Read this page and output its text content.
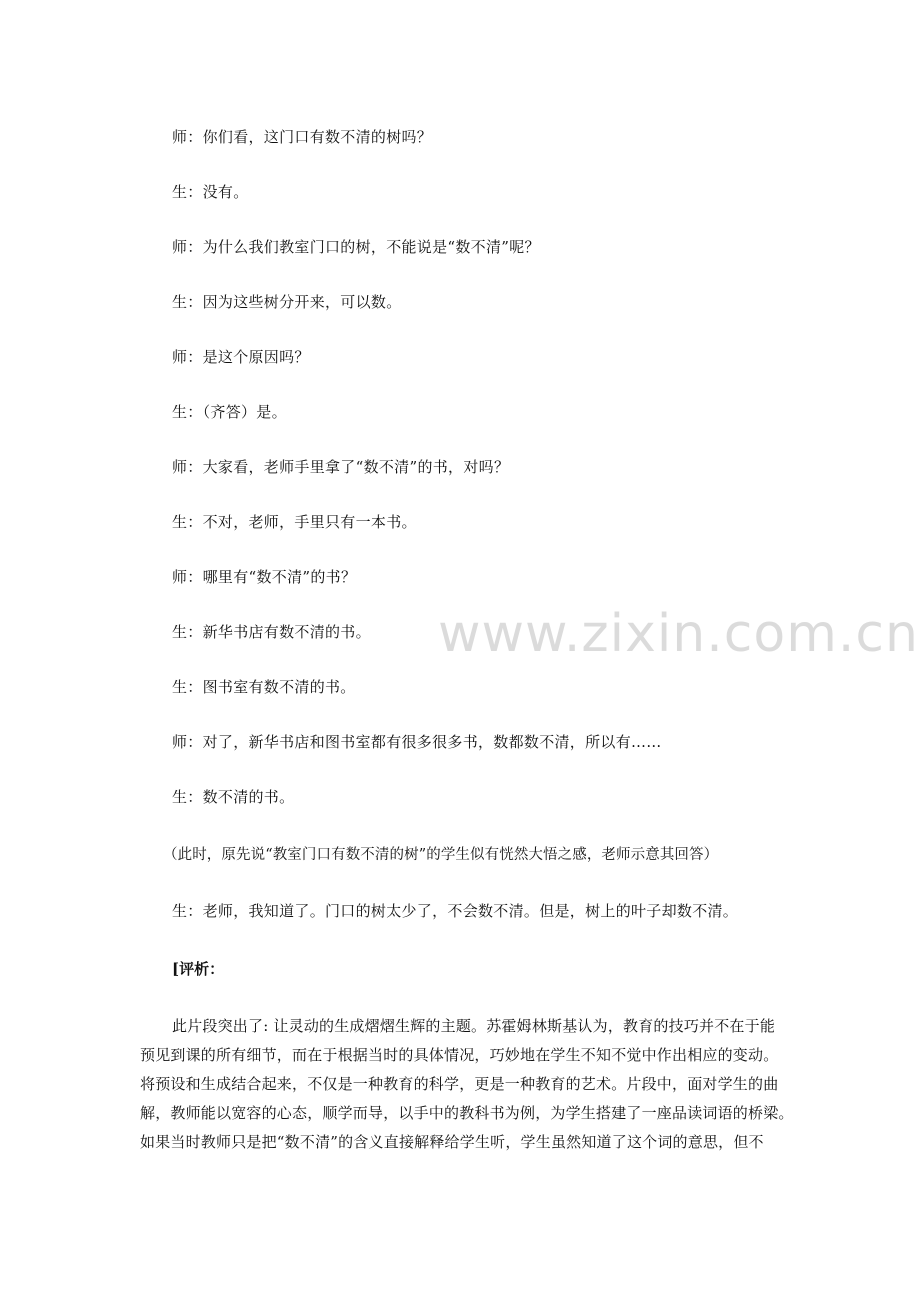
师：你们看，这门口有数不清的树吗？
生：没有。
师：为什么我们教室门口的树，不能说是“数不清”呢？
生：因为这些树分开来，可以数。
师：是这个原因吗？
生：（齐答）是。
师：大家看，老师手里拿了“数不清”的书，对吗？
生：不对，老师，手里只有一本书。
师：哪里有“数不清”的书？
生：新华书店有数不清的书。
生：图书室有数不清的书。
师：对了，新华书店和图书室都有很多很多书，数都数不清，所以有……
生：数不清的书。
（此时，原先说“教室门口有数不清的树”的学生似有恍然大悟之感，老师示意其回答）
生：老师，我知道了。门口的树太少了，不会数不清。但是，树上的叶子却数不清。
[评析：
此片段突出了: 让灵动的生成熠熠生辉的主题。苏霍姆林斯基认为，教育的技巧并不在于能
预见到课的所有细节，而在于根据当时的具体情况，巧妙地在学生不知不觉中作出相应的变动。
将预设和生成结合起来，不仅是一种教育的科学，更是一种教育的艺术。片段中，面对学生的曲
解，教师能以宽容的心态，顺学而导，以手中的教科书为例，为学生搭建了一座品读词语的桥梁。
如果当时教师只是把“数不清”的含义直接解释给学生听，学生虽然知道了这个词的意思，但不
www.zixin.com.cn
